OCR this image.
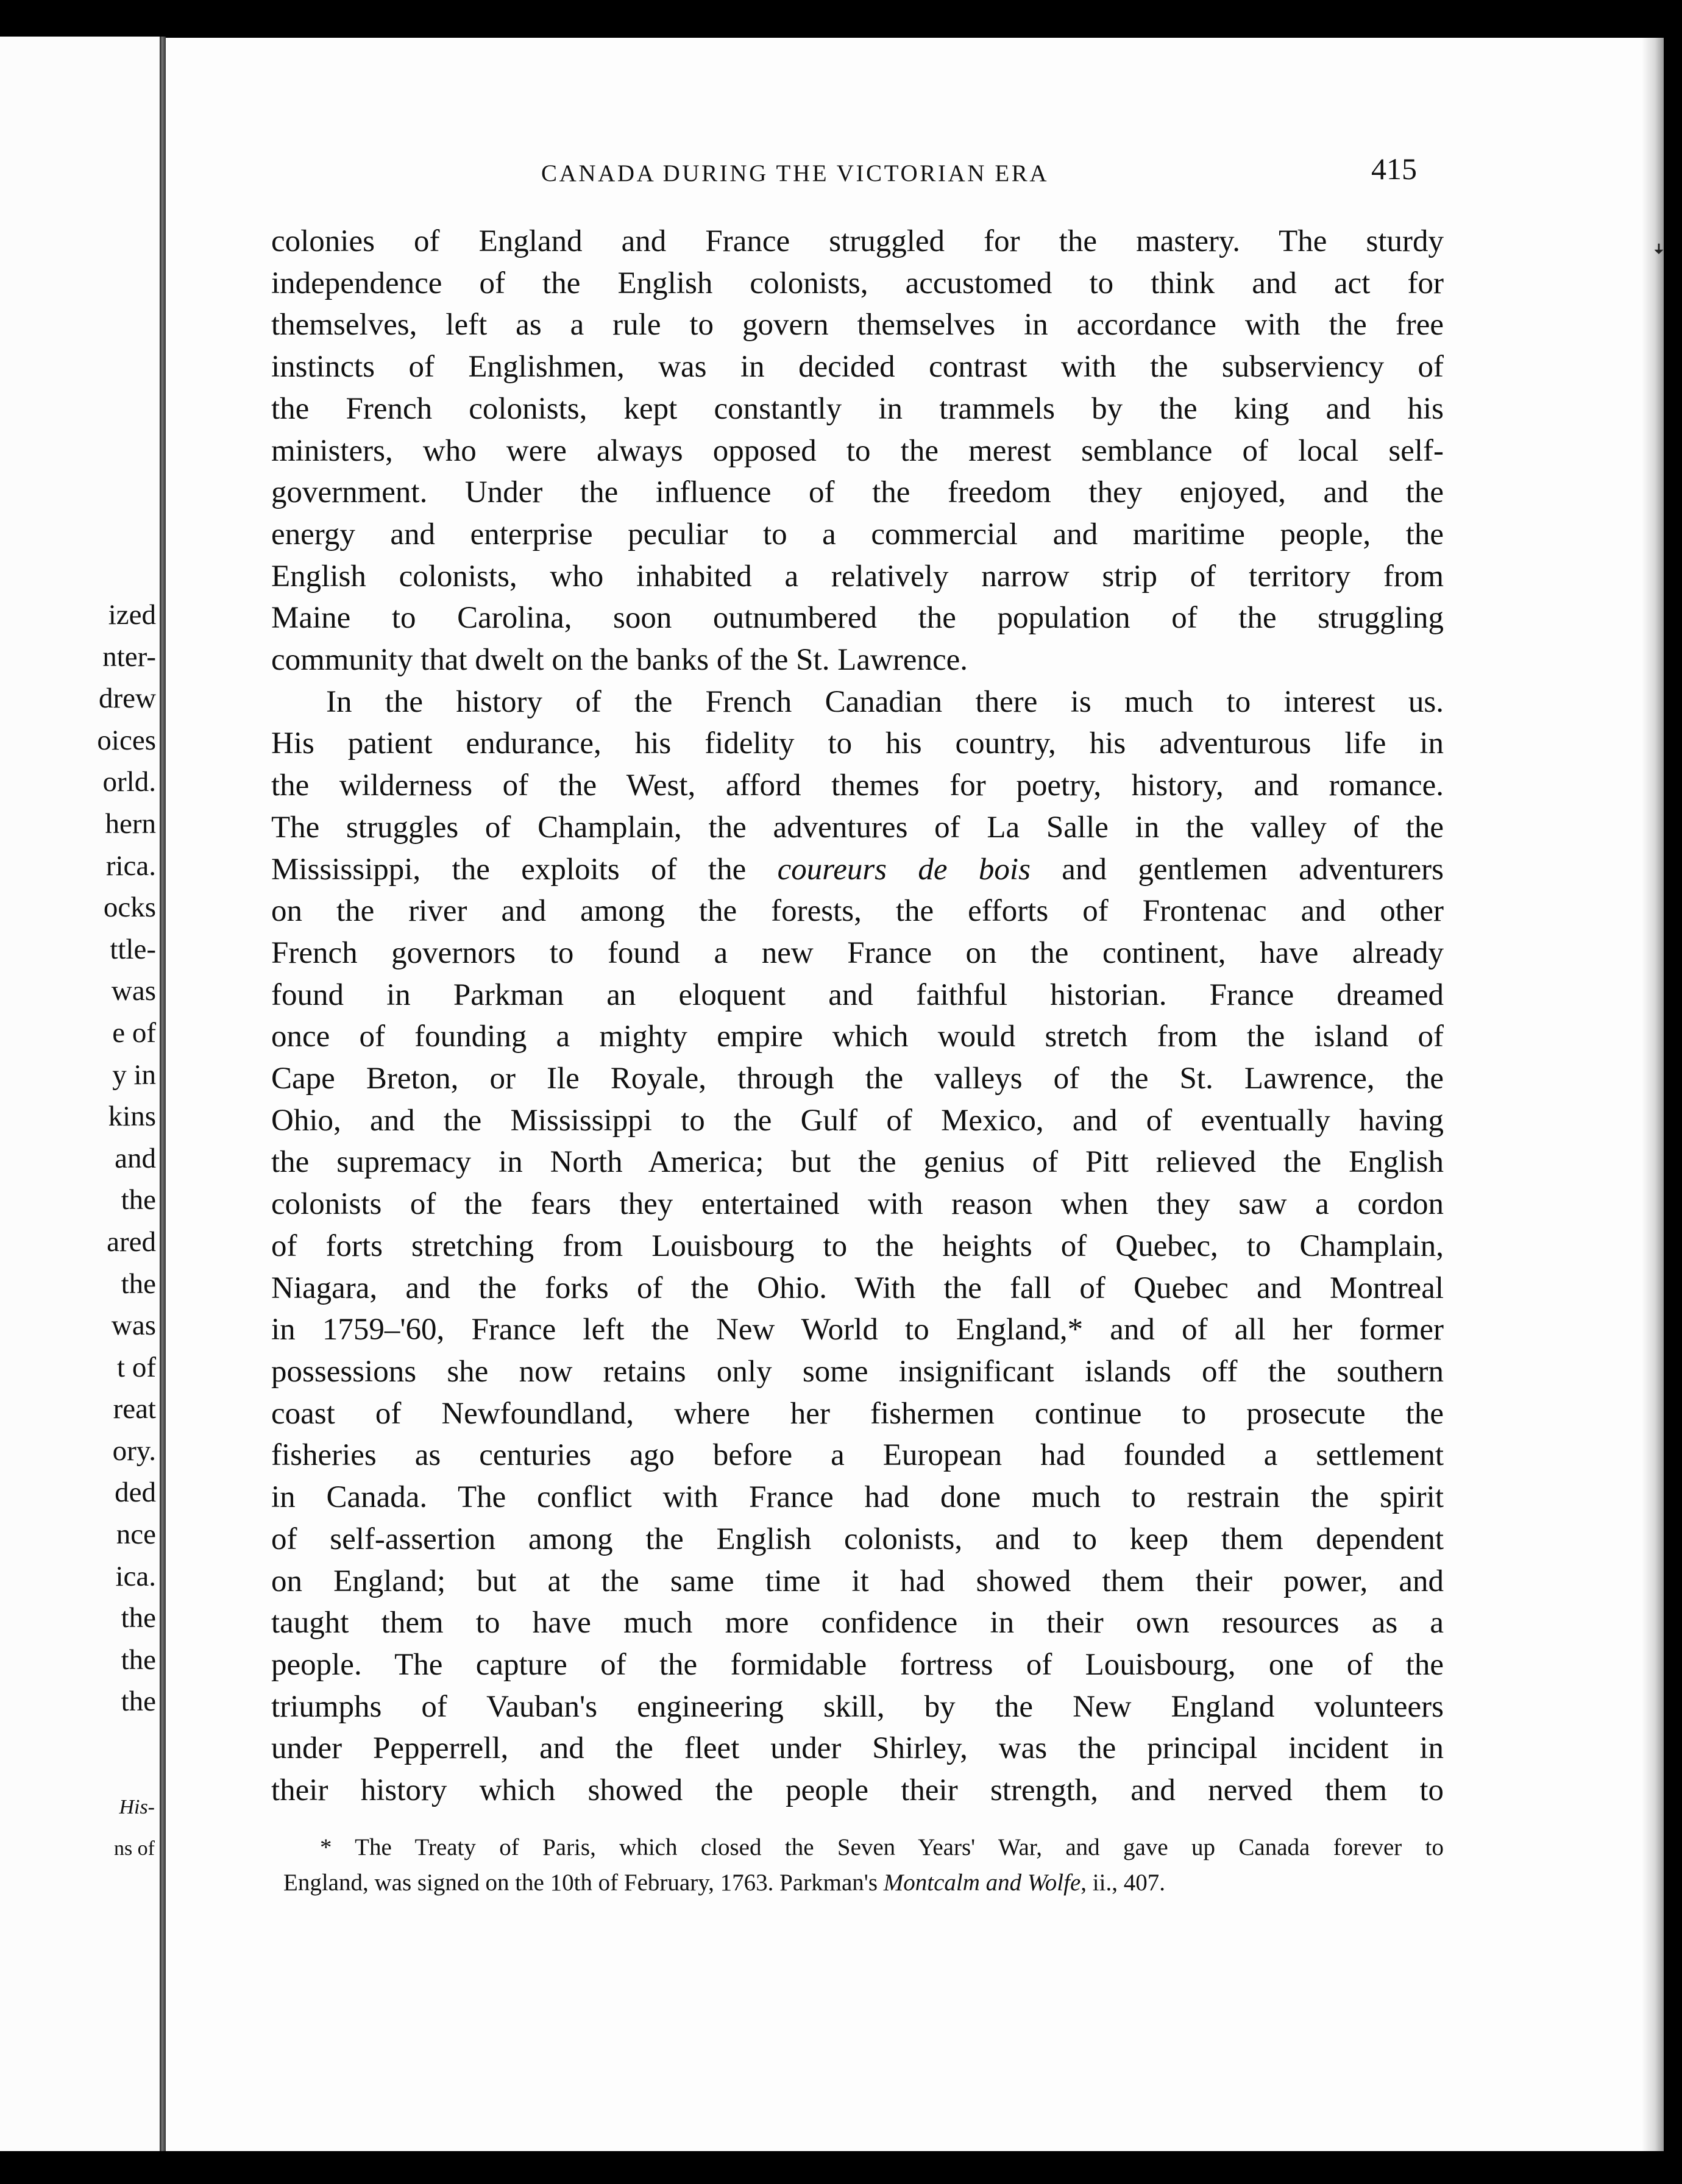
ized
nter-
drew
oices
orld.
hern
rica.
ocks
ttle-
was
e of
y in
kins
and
the
ared
the
was
t of
reat
ory.
ded
nce
ica.
the
the
the
His-
ns of
CANADA DURING THE VICTORIAN ERA	415
colonies of England and France struggled for the mastery. The sturdy
independence of the English colonists, accustomed to think and act for
themselves, left as a rule to govern themselves in accordance with the free
instincts of Englishmen, was in decided contrast with the subserviency of
the French colonists, kept constantly in trammels by the king and his
ministers, who were always opposed to the merest semblance of local self-
government. Under the influence of the freedom they enjoyed, and the
energy and enterprise peculiar to a commercial and maritime people, the
English colonists, who inhabited a relatively narrow strip of territory from
Maine to Carolina, soon outnumbered the population of the struggling
community that dwelt on the banks of the St. Lawrence.
In the history of the French Canadian there is much to interest us.
His patient endurance, his fidelity to his country, his adventurous life in
the wilderness of the West, afford themes for poetry, history, and romance.
The struggles of Champlain, the adventures of La Salle in the valley of the
Mississippi, the exploits of the coureurs de bois and gentlemen adventurers
on the river and among the forests, the efforts of Frontenac and other
French governors to found a new France on the continent, have already
found in Parkman an eloquent and faithful historian. France dreamed
once of founding a mighty empire which would stretch from the island of
Cape Breton, or Ile Royale, through the valleys of the St. Lawrence, the
Ohio, and the Mississippi to the Gulf of Mexico, and of eventually having
the supremacy in North America; but the genius of Pitt relieved the English
colonists of the fears they entertained with reason when they saw a cordon
of forts stretching from Louisbourg to the heights of Quebec, to Champlain,
Niagara, and the forks of the Ohio. With the fall of Quebec and Montreal
in 1759–'60, France left the New World to England,* and of all her former
possessions she now retains only some insignificant islands off the southern
coast of Newfoundland, where her fishermen continue to prosecute the
fisheries as centuries ago before a European had founded a settlement
in Canada. The conflict with France had done much to restrain the spirit
of self-assertion among the English colonists, and to keep them dependent
on England; but at the same time it had showed them their power, and
taught them to have much more confidence in their own resources as a
people. The capture of the formidable fortress of Louisbourg, one of the
triumphs of Vauban's engineering skill, by the New England volunteers
under Pepperrell, and the fleet under Shirley, was the principal incident in
their history which showed the people their strength, and nerved them to
* The Treaty of Paris, which closed the Seven Years' War, and gave up Canada forever to
England, was signed on the 10th of February, 1763. Parkman's Montcalm and Wolfe, ii., 407.
ꜜ
